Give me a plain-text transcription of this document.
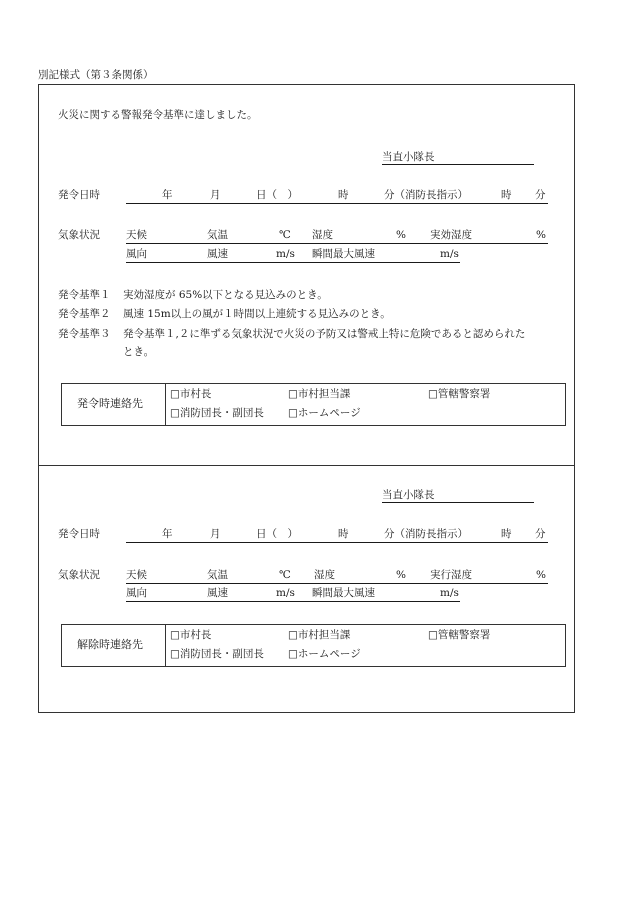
別記様式（第３条関係）
火災に関する警報発令基準に達しました。
当直小隊長
発令日時	年	月	日（　）	時	分（消防長指示）	時 分
気象状況 天候	気温	℃ 湿度	% 実効湿度	%
風向	風速	m/s 瞬間最大風速	m/s
発令基準１ 実効湿度が 65%以下となる見込みのとき。
発令基準２ 風速 15m以上の風が１時間以上連続する見込みのとき。
発令基準３ 発令基準１,２に準ずる気象状況で火災の予防又は警戒上特に危険であると認められた
とき。
発令時連絡先
□市村長	□市村担当課	□管轄警察署
□消防団長・副団長 □ホームページ
当直小隊長
発令日時	年	月	日（　）	時	分（消防長指示）	時 分
気象状況 天候	気温	℃ 湿度	% 実行湿度	%
風向	風速	m/s 瞬間最大風速	m/s
解除時連絡先
□市村長	□市村担当課	□管轄警察署
□消防団長・副団長 □ホームページ
